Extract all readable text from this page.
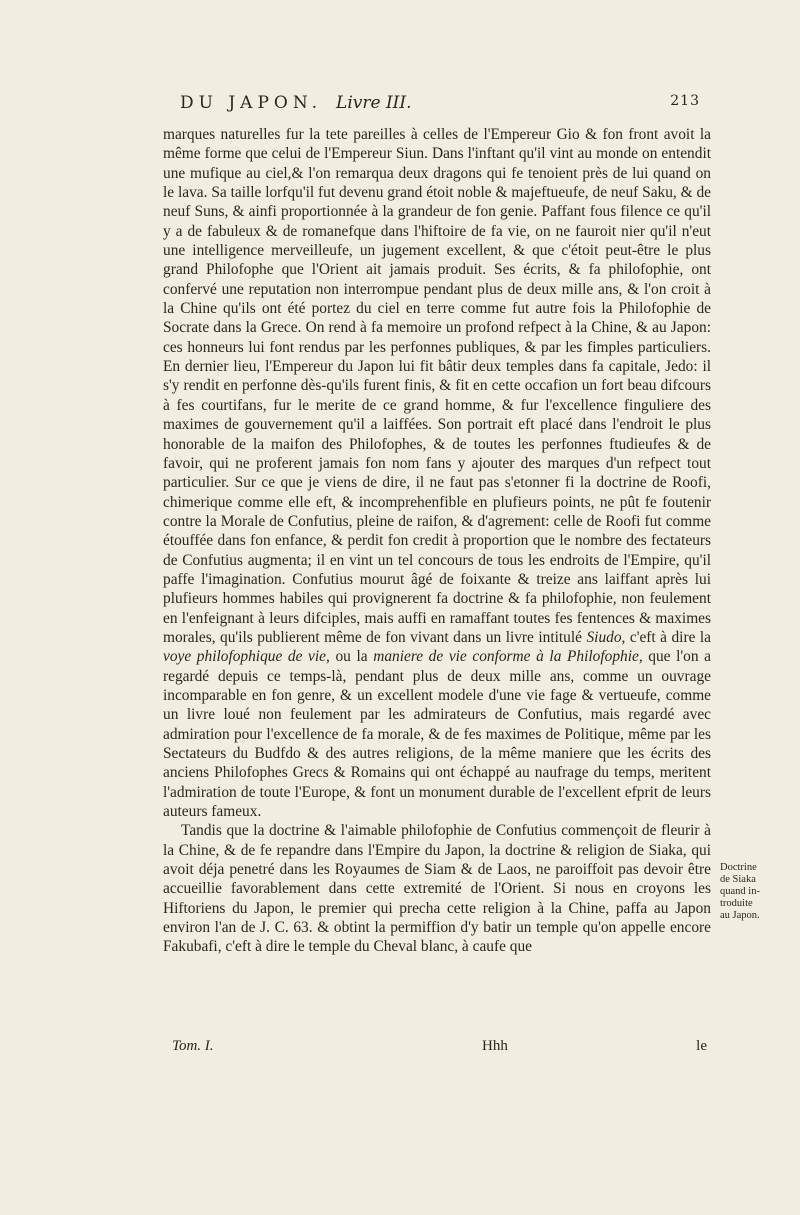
DU JAPON. Livre III.	213

marques naturelles fur la tete pareilles à celles de l'Empereur Gio & fon front avoit la même forme que celui de l'Empereur Siun. Dans l'inftant qu'il vint au monde on entendit une mufique au ciel,& l'on remarqua deux dragons qui fe tenoient près de lui quand on le lava. Sa taille lorfqu'il fut devenu grand étoit noble & majeftueufe, de neuf Saku, & de neuf Suns, & ainfi proportionnée à la grandeur de fon genie. Paffant fous filence ce qu'il y a de fabuleux & de romanefque dans l'hiftoire de fa vie, on ne fauroit nier qu'il n'eut une intelligence merveilleufe, un jugement excellent, & que c'étoit peut-être le plus grand Philofophe que l'Orient ait jamais produit. Ses écrits, & fa philofophie, ont confervé une reputation non interrompue pendant plus de deux mille ans, & l'on croit à la Chine qu'ils ont été portez du ciel en terre comme fut autre fois la Philofophie de Socrate dans la Grece. On rend à fa memoire un profond refpect à la Chine, & au Japon: ces honneurs lui font rendus par les perfonnes publiques, & par les fimples particuliers. En dernier lieu, l'Empereur du Japon lui fit bâtir deux temples dans fa capitale, Jedo: il s'y rendit en perfonne dès-qu'ils furent finis, & fit en cette occafion un fort beau difcours à fes courtifans, fur le merite de ce grand homme, & fur l'excellence finguliere des maximes de gouvernement qu'il a laiffées. Son portrait eft placé dans l'endroit le plus honorable de la maifon des Philofophes, & de toutes les perfonnes ftudieufes & de favoir, qui ne proferent jamais fon nom fans y ajouter des marques d'un refpect tout particulier. Sur ce que je viens de dire, il ne faut pas s'etonner fi la doctrine de Roofi, chimerique comme elle eft, & incomprehenfible en plufieurs points, ne pût fe foutenir contre la Morale de Confutius, pleine de raifon, & d'agrement: celle de Roofi fut comme étouffée dans fon enfance, & perdit fon credit à proportion que le nombre des fectateurs de Confutius augmenta; il en vint un tel concours de tous les endroits de l'Empire, qu'il paffe l'imagination. Confutius mourut âgé de foixante & treize ans laiffant après lui plufieurs hommes habiles qui provignerent fa doctrine & fa philofophie, non feulement en l'enfeignant à leurs difciples, mais auffi en ramaffant toutes fes fentences & maximes morales, qu'ils publierent même de fon vivant dans un livre intitulé Siudo, c'eft à dire la voye philofophique de vie, ou la maniere de vie conforme à la Philofophie, que l'on a regardé depuis ce temps-là, pendant plus de deux mille ans, comme un ouvrage incomparable en fon genre, & un excellent modele d'une vie fage & vertueufe, comme un livre loué non feulement par les admirateurs de Confutius, mais regardé avec admiration pour l'excellence de fa morale, & de fes maximes de Politique, même par les Sectateurs du Budfdo & des autres religions, de la même maniere que les écrits des anciens Philofophes Grecs & Romains qui ont échappé au naufrage du temps, meritent l'admiration de toute l'Europe, & font un monument durable de l'excellent efprit de leurs auteurs fameux.

Tandis que la doctrine & l'aimable philofophie de Confutius commençoit de fleurir à la Chine, & de fe repandre dans l'Empire du Japon, la doctrine & religion de Siaka, qui avoit déja penetré dans les Royaumes de Siam & de Laos, ne paroiffoit pas devoir être accueillie favorablement dans cette extremité de l'Orient. Si nous en croyons les Hiftoriens du Japon, le premier qui precha cette religion à la Chine, paffa au Japon environ l'an de J. C. 63. & obtint la permiffion d'y batir un temple qu'on appelle encore Fakubafi, c'eft à dire le temple du Cheval blanc, à caufe que

Doctrine
de Siaka
quand in-
troduite
au Japon.
Tom. I.	Hhh	le
